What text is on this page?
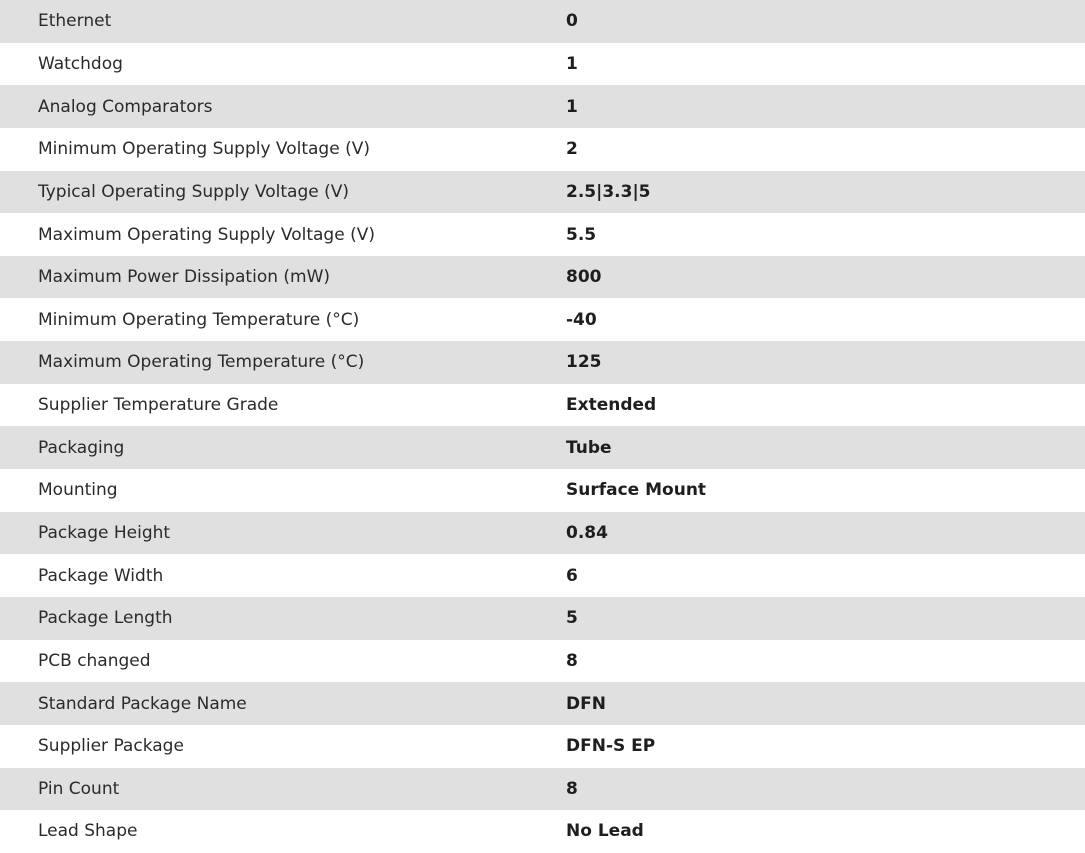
Ethernet	0
Watchdog	1
Analog Comparators	1
Minimum Operating Supply Voltage (V)	2
Typical Operating Supply Voltage (V)	2.5|3.3|5
Maximum Operating Supply Voltage (V)	5.5
Maximum Power Dissipation (mW)	800
Minimum Operating Temperature (°C)	-40
Maximum Operating Temperature (°C)	125
Supplier Temperature Grade	Extended
Packaging	Tube
Mounting	Surface Mount
Package Height	0.84
Package Width	6
Package Length	5
PCB changed	8
Standard Package Name	DFN
Supplier Package	DFN-S EP
Pin Count	8
Lead Shape	No Lead
